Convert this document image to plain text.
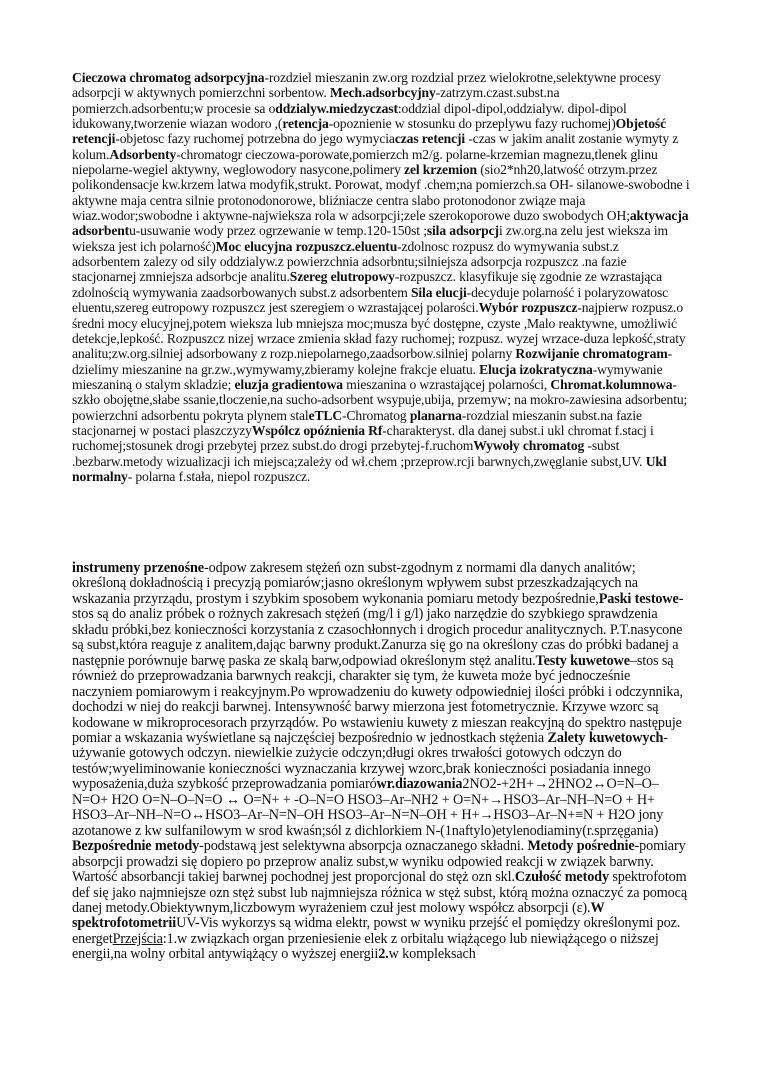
Cieczowa chromatog adsorpcyjna-rozdziel mieszanin zw.org rozdzial przez wielokrotne,selektywne procesy adsorpcji w aktywnych pomierzchni sorbentow. Mech.adsorbcyjny-zatrzym.czast.subst.na pomierzch.adsorbentu;w procesie sa oddzialyw.miedzyczast:oddzial dipol-dipol,oddzialyw. dipol-dipol idukowany,tworzenie wiazan wodoro ,(retencja-opoznienie w stosunku do przeplywu fazy ruchomej)Objetość retencji-objetosc fazy ruchomej potrzebna do jego wymyciaczas retencji -czas w jakim analit zostanie wymyty z kolum.Adsorbenty-chromatogr cieczowa-porowate,pomierzch m2/g. polarne-krzemian magnezu,tlenek glinu niepolarne-wegiel aktywny, weglowodory nasycone,polimery zel krzemion (sio2*nh20,latwość otrzym.przez polikondensacje kw.krzem latwa modyfik,strukt. Porowat, modyf .chem;na pomierzch.sa OH- silanowe-swobodne i aktywne maja centra silnie protonodonorowe, bliźniacze centra slabo protonodonor związe maja wiaz.wodor;swobodne i aktywne-najwieksza rola w adsorpcji;zele szerokoporowe duzo swobodych OH;aktywacja adsorbentu-usuwanie wody przez ogrzewanie w temp.120-150st ;sila adsorpcji zw.org.na zelu jest wieksza im wieksza jest ich polarność)Moc elucyjna rozpuszcz.eluentu-zdolnosc rozpusz do wymywania subst.z adsorbentem zalezy od sily oddzialyw.z powierzchnia adsorbntu;silniejsza adsorpcja rozpuszcz .na fazie stacjonarnej zmniejsza adsorbcje analitu.Szereg elutropowy-rozpuszcz. klasyfikuje się zgodnie ze wzrastająca zdolnością wymywania zaadsorbowanych subst.z adsorbentem Sila elucji-decyduje polarność i polaryzowatosc eluentu,szereg eutropowy rozpuszcz jest szeregiem o wzrastającej polarości.Wybór rozpuszcz-najpierw rozpusz.o średni mocy elucyjnej,potem wieksza lub mniejsza moc;musza być dostępne, czyste ,Malo reaktywne, umożliwić detekcje,lepkość. Rozpuszcz nizej wrzace zmienia skład fazy ruchomej; rozpusz. wyzej wrzace-duza lepkość,straty analitu;zw.org.silniej adsorbowany z rozp.niepolarnego,zaadsorbow.silniej polarny Rozwijanie chromatogram-dzielimy mieszanine na gr.zw.,wymywamy,zbieramy kolejne frakcje eluatu. Elucja izokratyczna-wymywanie mieszaniną o stalym skladzie; eluzja gradientowa mieszanina o wzrastającej polarności, Chromat.kolumnowa-szkło obojętne,słabe ssanie,tloczenie,na sucho-adsorbent wsypuje,ubija, przemyw; na mokro-zawiesina adsorbentu; powierzchni adsorbentu pokryta plynem staleTLC-Chromatog planarna-rozdzial mieszanin subst.na fazie stacjonarnej w postaci plaszczyzyWspólcz opóźnienia Rf-charakteryst. dla danej subst.i ukl chromat f.stacj i ruchomej;stosunek drogi przebytej przez subst.do drogi przebytej-f.ruchomWywoły chromatog -subst .bezbarw.metody wizualizacji ich miejsca;zależy od wł.chem ;przeprow.rcji barwnych,zwęglanie subst,UV. Ukl normalny- polarna f.stała, niepol rozpuszcz.

instrumeny przenośne-odpow zakresem stężeń ozn subst-zgodnym z normami dla danych analitów; określoną dokładnością i precyzją pomiarów;jasno określonym wpływem subst przeszkadzających na wskazania przyrządu, prostym i szybkim sposobem wykonania pomiaru metody bezpośrednie,Paski testowe-stos są do analiz próbek o rożnych zakresach stężeń (mg/l i g/l) jako narzędzie do szybkiego sprawdzenia składu próbki,bez konieczności korzystania z czasochłonnych i drogich procedur analitycznych. P.T.nasycone są subst,która reaguje z analitem,dając barwny produkt.Zanurza się go na określony czas do próbki badanej a następnie porównuje barwę paska ze skalą barw,odpowiad określonym stęż analitu.Testy kuwetowe–stos są również do przeprowadzania barwnych reakcji, charakter się tym, że kuweta może być jednocześnie naczyniem pomiarowym i reakcyjnym.Po wprowadzeniu do kuwety odpowiedniej ilości próbki i odczynnika, dochodzi w niej do reakcji barwnej. Intensywność barwy mierzona jest fotometrycznie. Krzywe wzorc są kodowane w mikroprocesorach przyrządów. Po wstawieniu kuwety z mieszan reakcyjną do spektro następuje pomiar a wskazania wyświetlane są najczęściej bezpośrednio w jednostkach stężenia Zalety kuwetowych-używanie gotowych odczyn. niewielkie zużycie odczyn;długi okres trwałości gotowych odczyn do testów;wyeliminowanie konieczności wyznaczania krzywej wzorc,brak konieczności posiadania innego wyposażenia,duża szybkość przeprowadzania pomiarówr.diazowania2NO2-+2H+→2HNO2↔O=N–O–N=O+ H2O O=N–O–N=O ↔ O=N+ + -O–N=O HSO3–Ar–NH2 + O=N+→HSO3–Ar–NH–N=O + H+ HSO3–Ar–NH–N=O↔HSO3–Ar–N=N–OH HSO3–Ar–N=N–OH + H+→HSO3–Ar–N+≡N + H2O jony azotanowe z kw sulfanilowym w srod kwaśn;sól z dichlorkiem N-(1naftylo)etylenodiaminy(r.sprzęgania) Bezpośrednie metody-podstawą jest selektywna absorpcja oznaczanego składni. Metody pośrednie-pomiary absorpcji prowadzi się dopiero po przeprow analiz subst,w wyniku odpowied reakcji w związek barwny. Wartość absorbancji takiej barwnej pochodnej jest proporcjonal do stęż ozn skl.Czułość metody spektrofotom def się jako najmniejsze ozn stęż subst lub najmniejsza różnica w stęż subst, którą można oznaczyć za pomocą danej metody.Obiektywnym,liczbowym wyrażeniem czuł jest molowy współcz absorpcji (ε).W spektrofotometriiUV-Vis wykorzys są widma elektr, powst w wyniku przejść el pomiędzy określonymi poz. energetPrzejścia:1.w związkach organ przeniesienie elek z orbitalu wiążącego lub niewiążącego o niższej energii,na wolny orbital antywiążący o wyższej energii2.w kompleksach
